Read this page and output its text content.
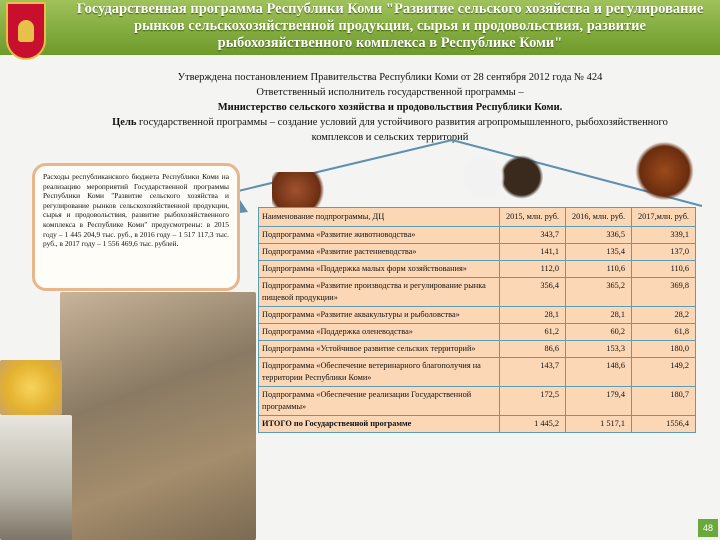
Государственная программа Республики Коми "Развитие сельского хозяйства и регулирование рынков сельскохозяйственной продукции, сырья и продовольствия, развитие рыбохозяйственного комплекса в Республике Коми"
Утверждена постановлением Правительства Республики Коми от 28 сентября 2012 года № 424
Ответственный исполнитель государственной программы –
Министерство сельского хозяйства и продовольствия Республики Коми.
Цель государственной программы – создание условий для устойчивого развития агропромышленного, рыбохозяйственного комплексов и сельских территорий
Расходы республиканского бюджета Республики Коми на реализацию мероприятий Государственной программы Республики Коми "Развитие сельского хозяйства и регулирование рынков сельскохозяйственной продукции, сырья и продовольствия, развитие рыбохозяйственного комплекса в Республике Коми" предусмотрены: в 2015 году – 1 445 204,9 тыс. руб., в 2016 году – 1 517 117,3 тыс. руб., в 2017 году – 1 556 469,6 тыс. рублей.
Наименование подпрограммы, ДЦ	2015, млн. руб.	2016, млн. руб.	2017,млн. руб.
Подпрограмма «Развитие животноводства»	343,7	336,5	339,1
Подпрограмма «Развитие растениеводства»	141,1	135,4	137,0
Подпрограмма «Поддержка малых форм хозяйствования»	112,0	110,6	110,6
Подпрограмма «Развитие производства и регулирование рынка пищевой продукции»	356,4	365,2	369,8
Подпрограмма «Развитие аквакультуры и рыболовства»	28,1	28,1	28,2
Подпрограмма «Поддержка оленеводства»	61,2	60,2	61,8
Подпрограмма «Устойчивое развитие сельских территорий»	86,6	153,3	180,0
Подпрограмма «Обеспечение ветеринарного благополучия на территории Республики Коми»	143,7	148,6	149,2
Подпрограмма «Обеспечение реализации Государственной программы»	172,5	179,4	180,7
ИТОГО по Государственной программе	1 445,2	1 517,1	1556,4
48
